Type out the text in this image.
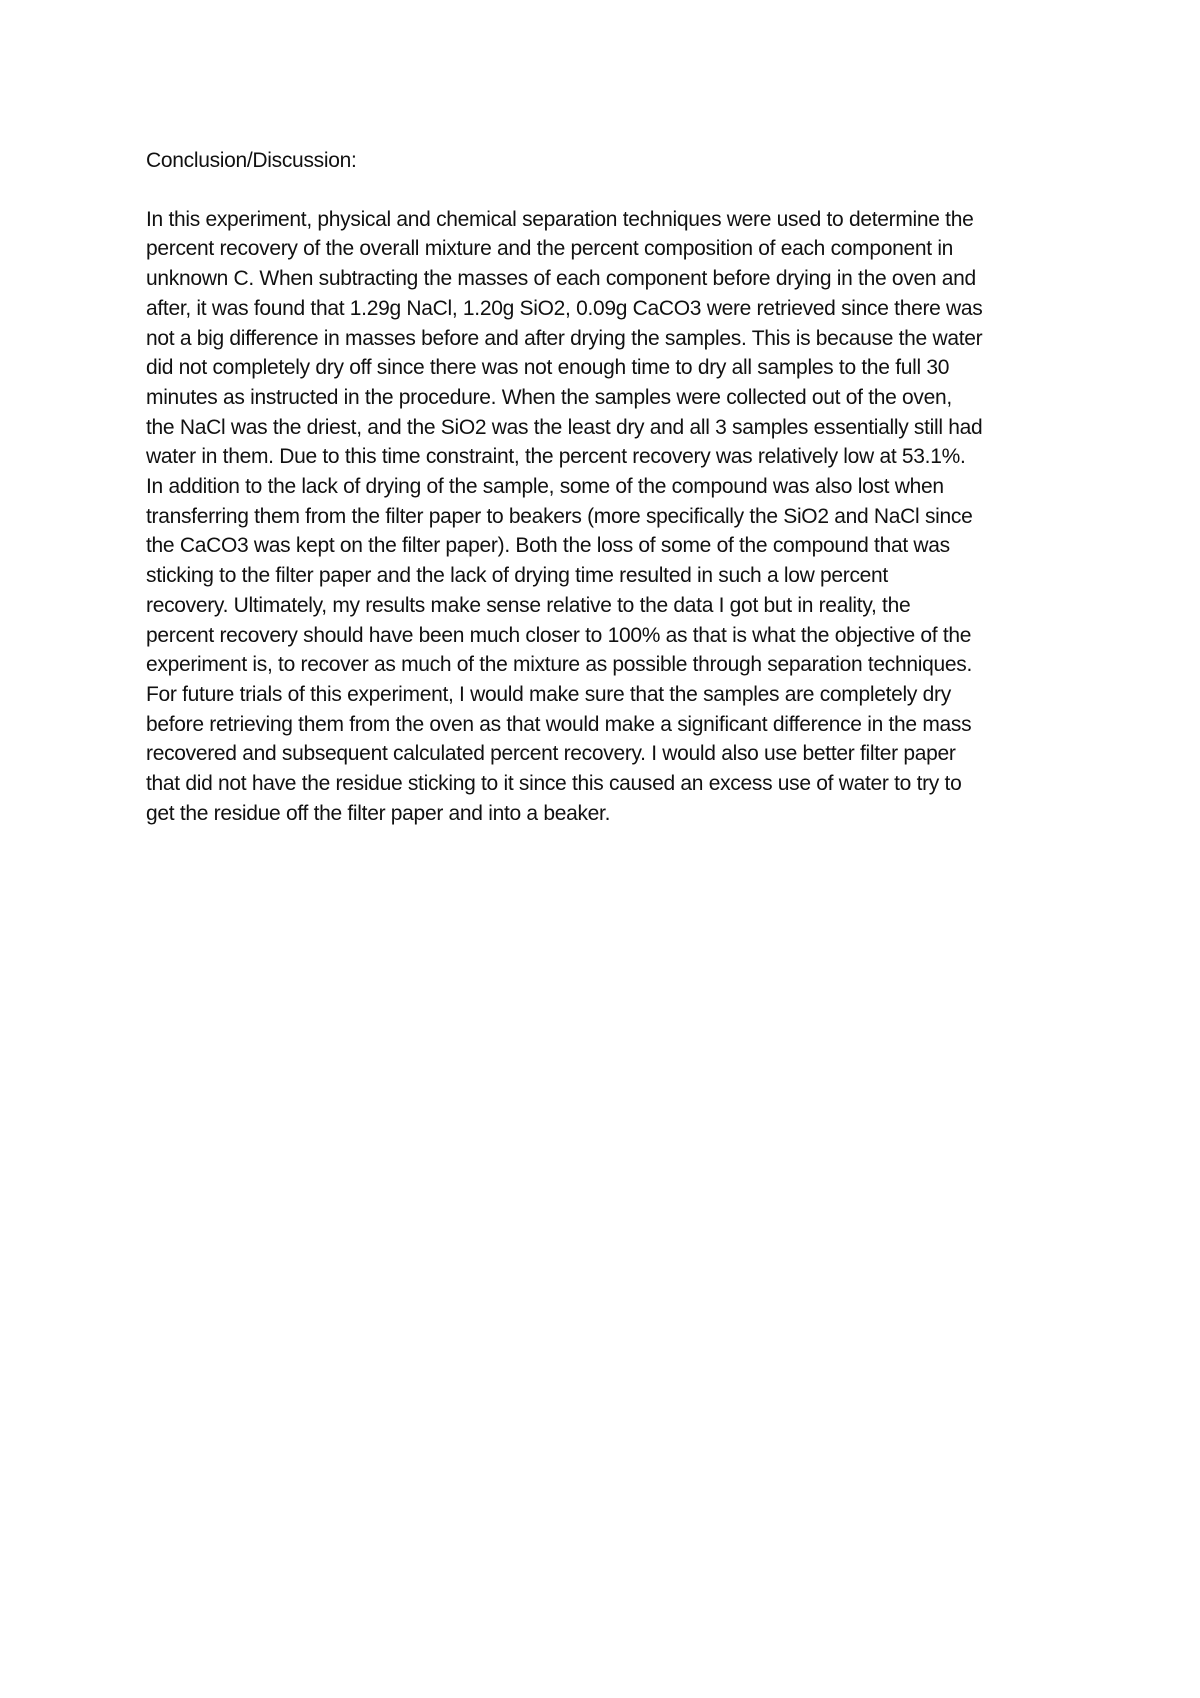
Conclusion/Discussion:

In this experiment, physical and chemical separation techniques were used to determine the
percent recovery of the overall mixture and the percent composition of each component in
unknown C. When subtracting the masses of each component before drying in the oven and
after, it was found that 1.29g NaCl, 1.20g SiO2, 0.09g CaCO3 were retrieved since there was
not a big difference in masses before and after drying the samples. This is because the water
did not completely dry off since there was not enough time to dry all samples to the full 30
minutes as instructed in the procedure. When the samples were collected out of the oven,
the NaCl was the driest, and the SiO2 was the least dry and all 3 samples essentially still had
water in them. Due to this time constraint, the percent recovery was relatively low at 53.1%.
In addition to the lack of drying of the sample, some of the compound was also lost when
transferring them from the filter paper to beakers (more specifically the SiO2 and NaCl since
the CaCO3 was kept on the filter paper). Both the loss of some of the compound that was
sticking to the filter paper and the lack of drying time resulted in such a low percent
recovery. Ultimately, my results make sense relative to the data I got but in reality, the
percent recovery should have been much closer to 100% as that is what the objective of the
experiment is, to recover as much of the mixture as possible through separation techniques.
For future trials of this experiment, I would make sure that the samples are completely dry
before retrieving them from the oven as that would make a significant difference in the mass
recovered and subsequent calculated percent recovery. I would also use better filter paper
that did not have the residue sticking to it since this caused an excess use of water to try to
get the residue off the filter paper and into a beaker.
